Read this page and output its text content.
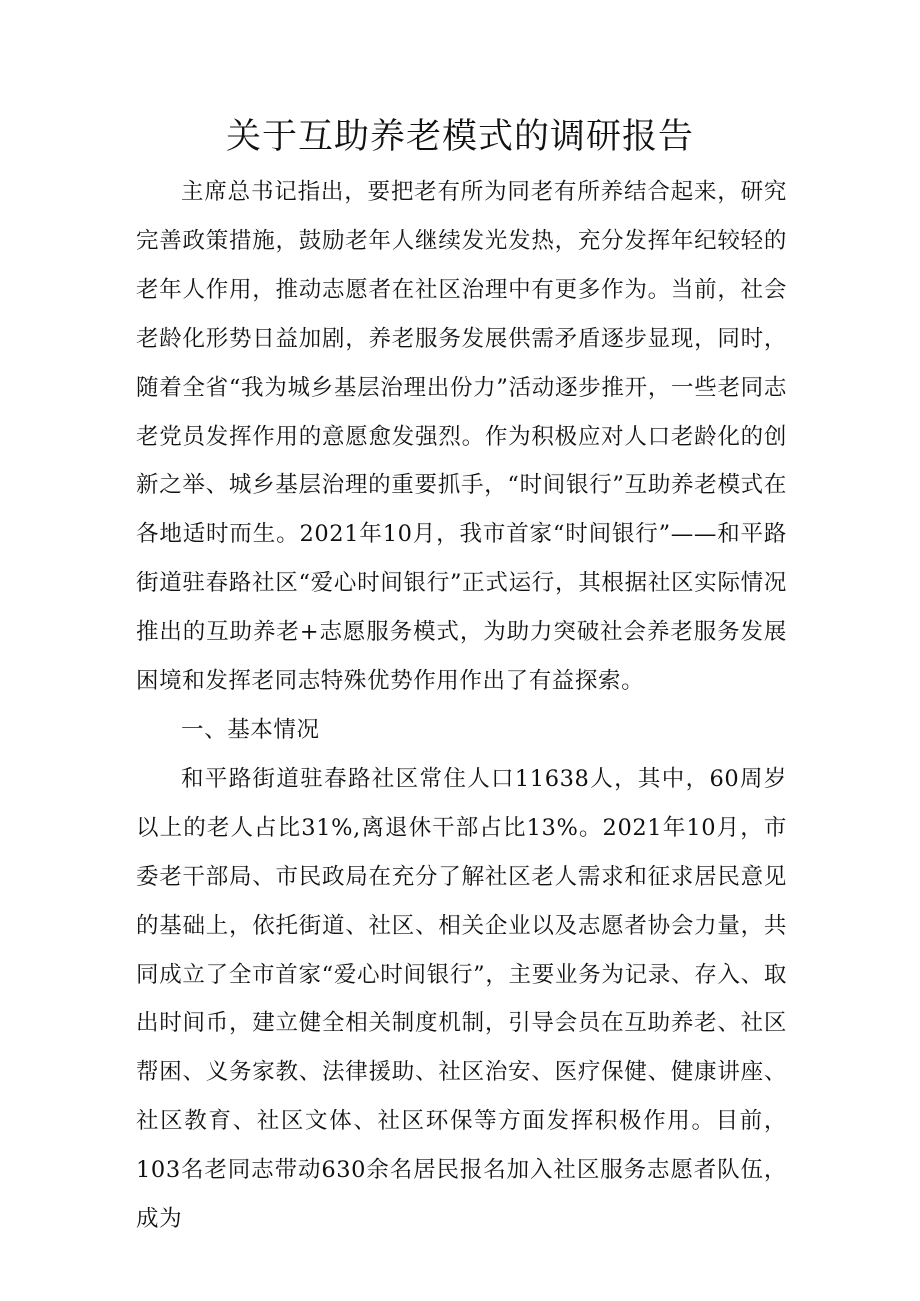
关于互助养老模式的调研报告

主席总书记指出，要把老有所为同老有所养结合起来，研究完善政策措施，鼓励老年人继续发光发热，充分发挥年纪较轻的老年人作用，推动志愿者在社区治理中有更多作为。当前，社会老龄化形势日益加剧，养老服务发展供需矛盾逐步显现，同时，随着全省“我为城乡基层治理出份力”活动逐步推开，一些老同志老党员发挥作用的意愿愈发强烈。作为积极应对人口老龄化的创新之举、城乡基层治理的重要抓手，“时间银行”互助养老模式在各地适时而生。2021年10月，我市首家“时间银行”——和平路街道驻春路社区“爱心时间银行”正式运行，其根据社区实际情况推出的互助养老+志愿服务模式，为助力突破社会养老服务发展困境和发挥老同志特殊优势作用作出了有益探索。

一、基本情况

和平路街道驻春路社区常住人口11638人，其中，60周岁以上的老人占比31%,离退休干部占比13%。2021年10月，市委老干部局、市民政局在充分了解社区老人需求和征求居民意见的基础上，依托街道、社区、相关企业以及志愿者协会力量，共同成立了全市首家“爱心时间银行”，主要业务为记录、存入、取出时间币，建立健全相关制度机制，引导会员在互助养老、社区帮困、义务家教、法律援助、社区治安、医疗保健、健康讲座、社区教育、社区文体、社区环保等方面发挥积极作用。目前，103名老同志带动630余名居民报名加入社区服务志愿者队伍，成为
